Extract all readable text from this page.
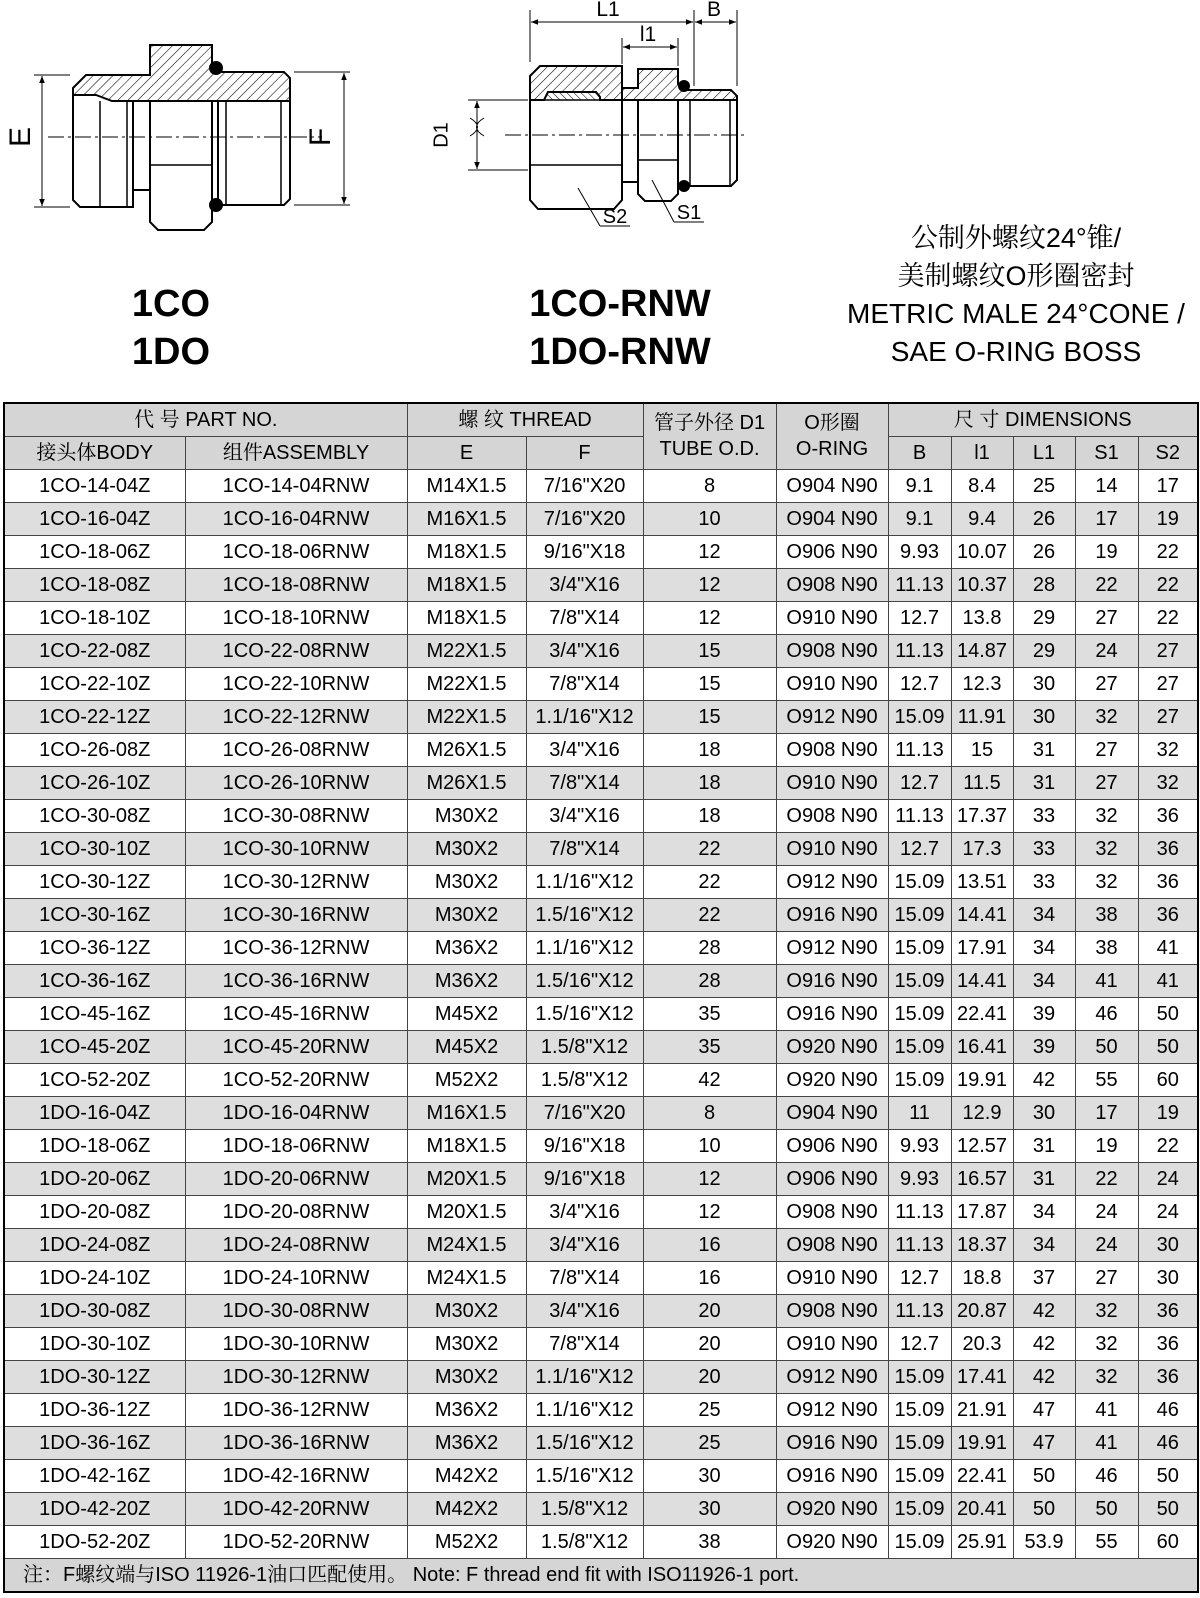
E	F
L1	B
l1
D1
S2 S1
1CO
1DO
1CO-RNW
1DO-RNW
公制外螺纹24°锥/
美制螺纹O形圈密封
METRIC MALE 24°CONE /
SAE O-RING BOSS
代 号 PART NO.		螺 纹 THREAD		管子外径 D1
TUBE O.D.	O形圈
O-RING	尺 寸 DIMENSIONS				
接头体BODY	组件ASSEMBLY	E	F			B	l1	L1	S1	S2
1CO-14-04Z	1CO-14-04RNW	M14X1.5	7/16"X20	8	O904 N90	9.1	8.4	25	14	17
1CO-16-04Z	1CO-16-04RNW	M16X1.5	7/16"X20	10	O904 N90	9.1	9.4	26	17	19
1CO-18-06Z	1CO-18-06RNW	M18X1.5	9/16"X18	12	O906 N90	9.93	10.07	26	19	22
1CO-18-08Z	1CO-18-08RNW	M18X1.5	3/4"X16	12	O908 N90	11.13	10.37	28	22	22
1CO-18-10Z	1CO-18-10RNW	M18X1.5	7/8"X14	12	O910 N90	12.7	13.8	29	27	22
1CO-22-08Z	1CO-22-08RNW	M22X1.5	3/4"X16	15	O908 N90	11.13	14.87	29	24	27
1CO-22-10Z	1CO-22-10RNW	M22X1.5	7/8"X14	15	O910 N90	12.7	12.3	30	27	27
1CO-22-12Z	1CO-22-12RNW	M22X1.5	1.1/16"X12	15	O912 N90	15.09	11.91	30	32	27
1CO-26-08Z	1CO-26-08RNW	M26X1.5	3/4"X16	18	O908 N90	11.13	15	31	27	32
1CO-26-10Z	1CO-26-10RNW	M26X1.5	7/8"X14	18	O910 N90	12.7	11.5	31	27	32
1CO-30-08Z	1CO-30-08RNW	M30X2	3/4"X16	18	O908 N90	11.13	17.37	33	32	36
1CO-30-10Z	1CO-30-10RNW	M30X2	7/8"X14	22	O910 N90	12.7	17.3	33	32	36
1CO-30-12Z	1CO-30-12RNW	M30X2	1.1/16"X12	22	O912 N90	15.09	13.51	33	32	36
1CO-30-16Z	1CO-30-16RNW	M30X2	1.5/16"X12	22	O916 N90	15.09	14.41	34	38	36
1CO-36-12Z	1CO-36-12RNW	M36X2	1.1/16"X12	28	O912 N90	15.09	17.91	34	38	41
1CO-36-16Z	1CO-36-16RNW	M36X2	1.5/16"X12	28	O916 N90	15.09	14.41	34	41	41
1CO-45-16Z	1CO-45-16RNW	M45X2	1.5/16"X12	35	O916 N90	15.09	22.41	39	46	50
1CO-45-20Z	1CO-45-20RNW	M45X2	1.5/8"X12	35	O920 N90	15.09	16.41	39	50	50
1CO-52-20Z	1CO-52-20RNW	M52X2	1.5/8"X12	42	O920 N90	15.09	19.91	42	55	60
1DO-16-04Z	1DO-16-04RNW	M16X1.5	7/16"X20	8	O904 N90	11	12.9	30	17	19
1DO-18-06Z	1DO-18-06RNW	M18X1.5	9/16"X18	10	O906 N90	9.93	12.57	31	19	22
1DO-20-06Z	1DO-20-06RNW	M20X1.5	9/16"X18	12	O906 N90	9.93	16.57	31	22	24
1DO-20-08Z	1DO-20-08RNW	M20X1.5	3/4"X16	12	O908 N90	11.13	17.87	34	24	24
1DO-24-08Z	1DO-24-08RNW	M24X1.5	3/4"X16	16	O908 N90	11.13	18.37	34	24	30
1DO-24-10Z	1DO-24-10RNW	M24X1.5	7/8"X14	16	O910 N90	12.7	18.8	37	27	30
1DO-30-08Z	1DO-30-08RNW	M30X2	3/4"X16	20	O908 N90	11.13	20.87	42	32	36
1DO-30-10Z	1DO-30-10RNW	M30X2	7/8"X14	20	O910 N90	12.7	20.3	42	32	36
1DO-30-12Z	1DO-30-12RNW	M30X2	1.1/16"X12	20	O912 N90	15.09	17.41	42	32	36
1DO-36-12Z	1DO-36-12RNW	M36X2	1.1/16"X12	25	O912 N90	15.09	21.91	47	41	46
1DO-36-16Z	1DO-36-16RNW	M36X2	1.5/16"X12	25	O916 N90	15.09	19.91	47	41	46
1DO-42-16Z	1DO-42-16RNW	M42X2	1.5/16"X12	30	O916 N90	15.09	22.41	50	46	50
1DO-42-20Z	1DO-42-20RNW	M42X2	1.5/8"X12	30	O920 N90	15.09	20.41	50	50	50
1DO-52-20Z	1DO-52-20RNW	M52X2	1.5/8"X12	38	O920 N90	15.09	25.91	53.9	55	60
注：F螺纹端与ISO 11926-1油口匹配使用。 Note: F thread end fit with ISO11926-1 port.										
